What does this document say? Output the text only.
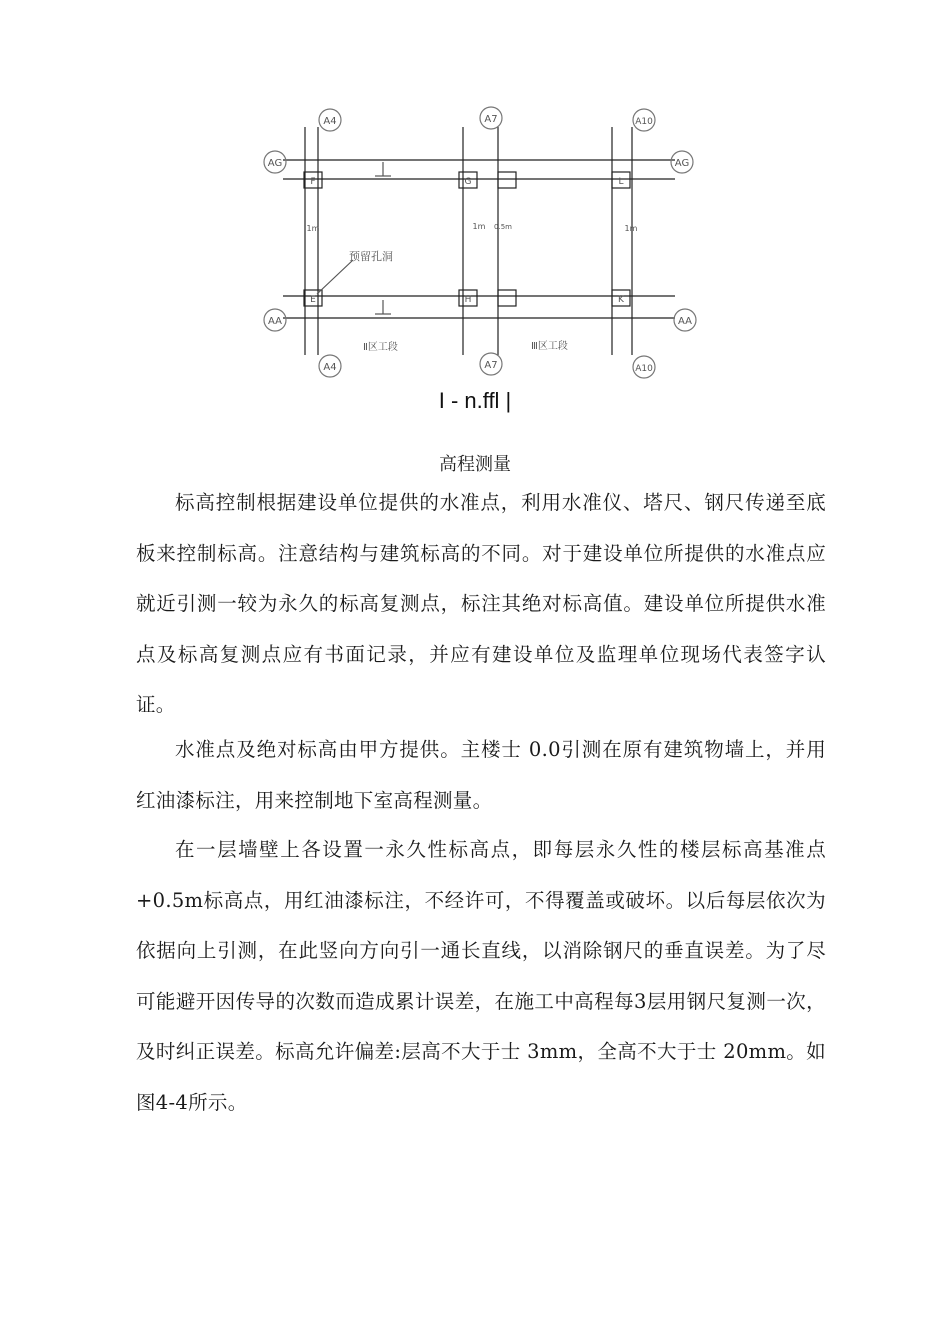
A4	A7	A10
A4	A7	A10
AG	AG
AA	AA
F	G	L
E	H	K
1m	1m 0.5m	1m
预留孔洞
Ⅱ区工段	Ⅲ区工段
I - n.ffl |
高程测量

标高控制根据建设单位提供的水准点，利用水准仪、塔尺、钢尺传递至底板来控制标高。注意结构与建筑标高的不同。对于建设单位所提供的水准点应就近引测一较为永久的标高复测点，标注其绝对标高值。建设单位所提供水准点及标高复测点应有书面记录，并应有建设单位及监理单位现场代表签字认证。

水准点及绝对标高由甲方提供。主楼士 0.0引测在原有建筑物墙上，并用红油漆标注，用来控制地下室高程测量。

在一层墙壁上各设置一永久性标高点，即每层永久性的楼层标高基准点+0.5m标高点，用红油漆标注，不经许可，不得覆盖或破坏。以后每层依次为依据向上引测，在此竖向方向引一通长直线，以消除钢尺的垂直误差。为了尽可能避开因传导的次数而造成累计误差，在施工中高程每3层用钢尺复测一次，及时纠正误差。标高允许偏差:层高不大于士 3mm，全高不大于士 20mm。如图4-4所示。
